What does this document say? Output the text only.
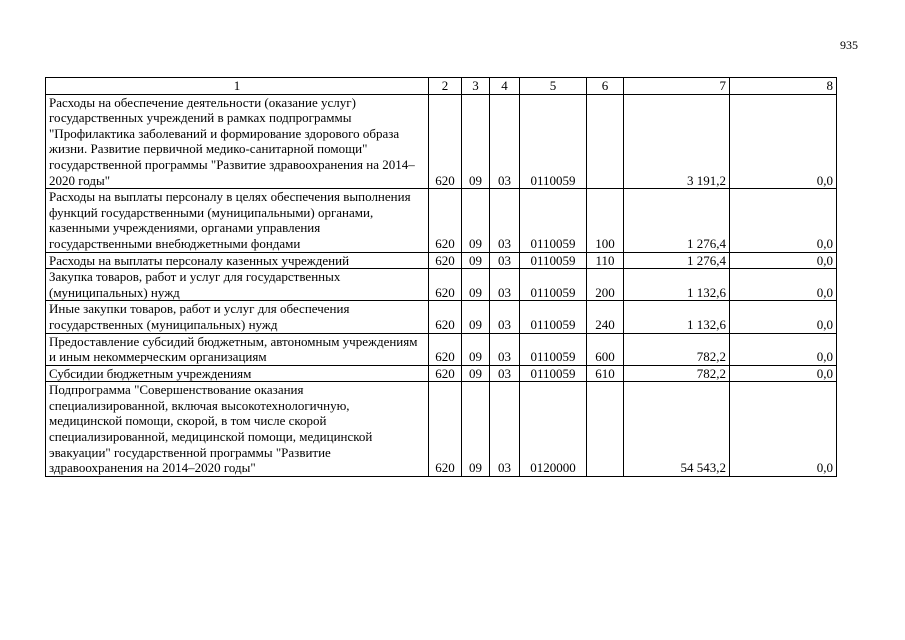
935
1	2	3	4	5	6	7	8
Расходы на обеспечение деятельности (оказание услуг) государственных учреждений в рамках подпрограммы "Профилактика заболеваний и формирование здорового образа жизни. Развитие первичной медико-санитарной помощи" государственной программы "Развитие здравоохранения на 2014–2020 годы"	620	09	03	0110059		3 191,2	0,0
Расходы на выплаты персоналу в целях обеспечения выполнения функций государственными (муниципальными) органами, казенными учреждениями, органами управления государственными внебюджетными фондами	620	09	03	0110059	100	1 276,4	0,0
Расходы на выплаты персоналу казенных учреждений	620	09	03	0110059	110	1 276,4	0,0
Закупка товаров, работ и услуг для государственных (муниципальных) нужд	620	09	03	0110059	200	1 132,6	0,0
Иные закупки товаров, работ и услуг для обеспечения государственных (муниципальных) нужд	620	09	03	0110059	240	1 132,6	0,0
Предоставление субсидий бюджетным, автономным учреждениям и иным некоммерческим организациям	620	09	03	0110059	600	782,2	0,0
Субсидии бюджетным учреждениям	620	09	03	0110059	610	782,2	0,0
Подпрограмма "Совершенствование оказания специализированной, включая высокотехнологичную, медицинской помощи, скорой, в том числе скорой специализированной, медицинской помощи, медицинской эвакуации" государственной программы "Развитие здравоохранения на 2014–2020 годы"	620	09	03	0120000		54 543,2	0,0
